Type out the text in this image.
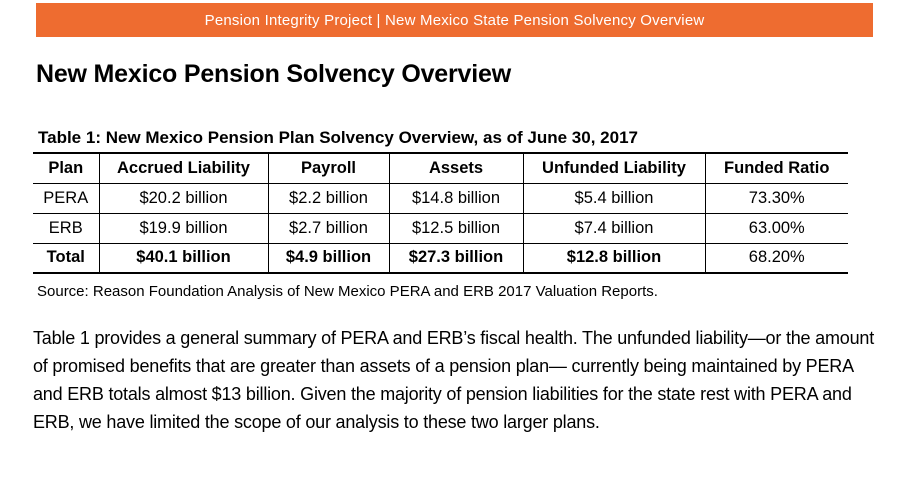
Pension Integrity Project | New Mexico State Pension Solvency Overview
New Mexico Pension Solvency Overview
Table 1: New Mexico Pension Plan Solvency Overview, as of June 30, 2017
Plan	Accrued Liability	Payroll	Assets	Unfunded Liability	Funded Ratio
PERA	$20.2 billion	$2.2 billion	$14.8 billion	$5.4 billion	73.30%
ERB	$19.9 billion	$2.7 billion	$12.5 billion	$7.4 billion	63.00%
Total	$40.1 billion	$4.9 billion	$27.3 billion	$12.8 billion	68.20%
Source: Reason Foundation Analysis of New Mexico PERA and ERB 2017 Valuation Reports.

Table 1 provides a general summary of PERA and ERB’s fiscal health. The unfunded liability—or the amount of promised benefits that are greater than assets of a pension plan— currently being maintained by PERA and ERB totals almost $13 billion. Given the majority of pension liabilities for the state rest with PERA and ERB, we have limited the scope of our analysis to these two larger plans.
